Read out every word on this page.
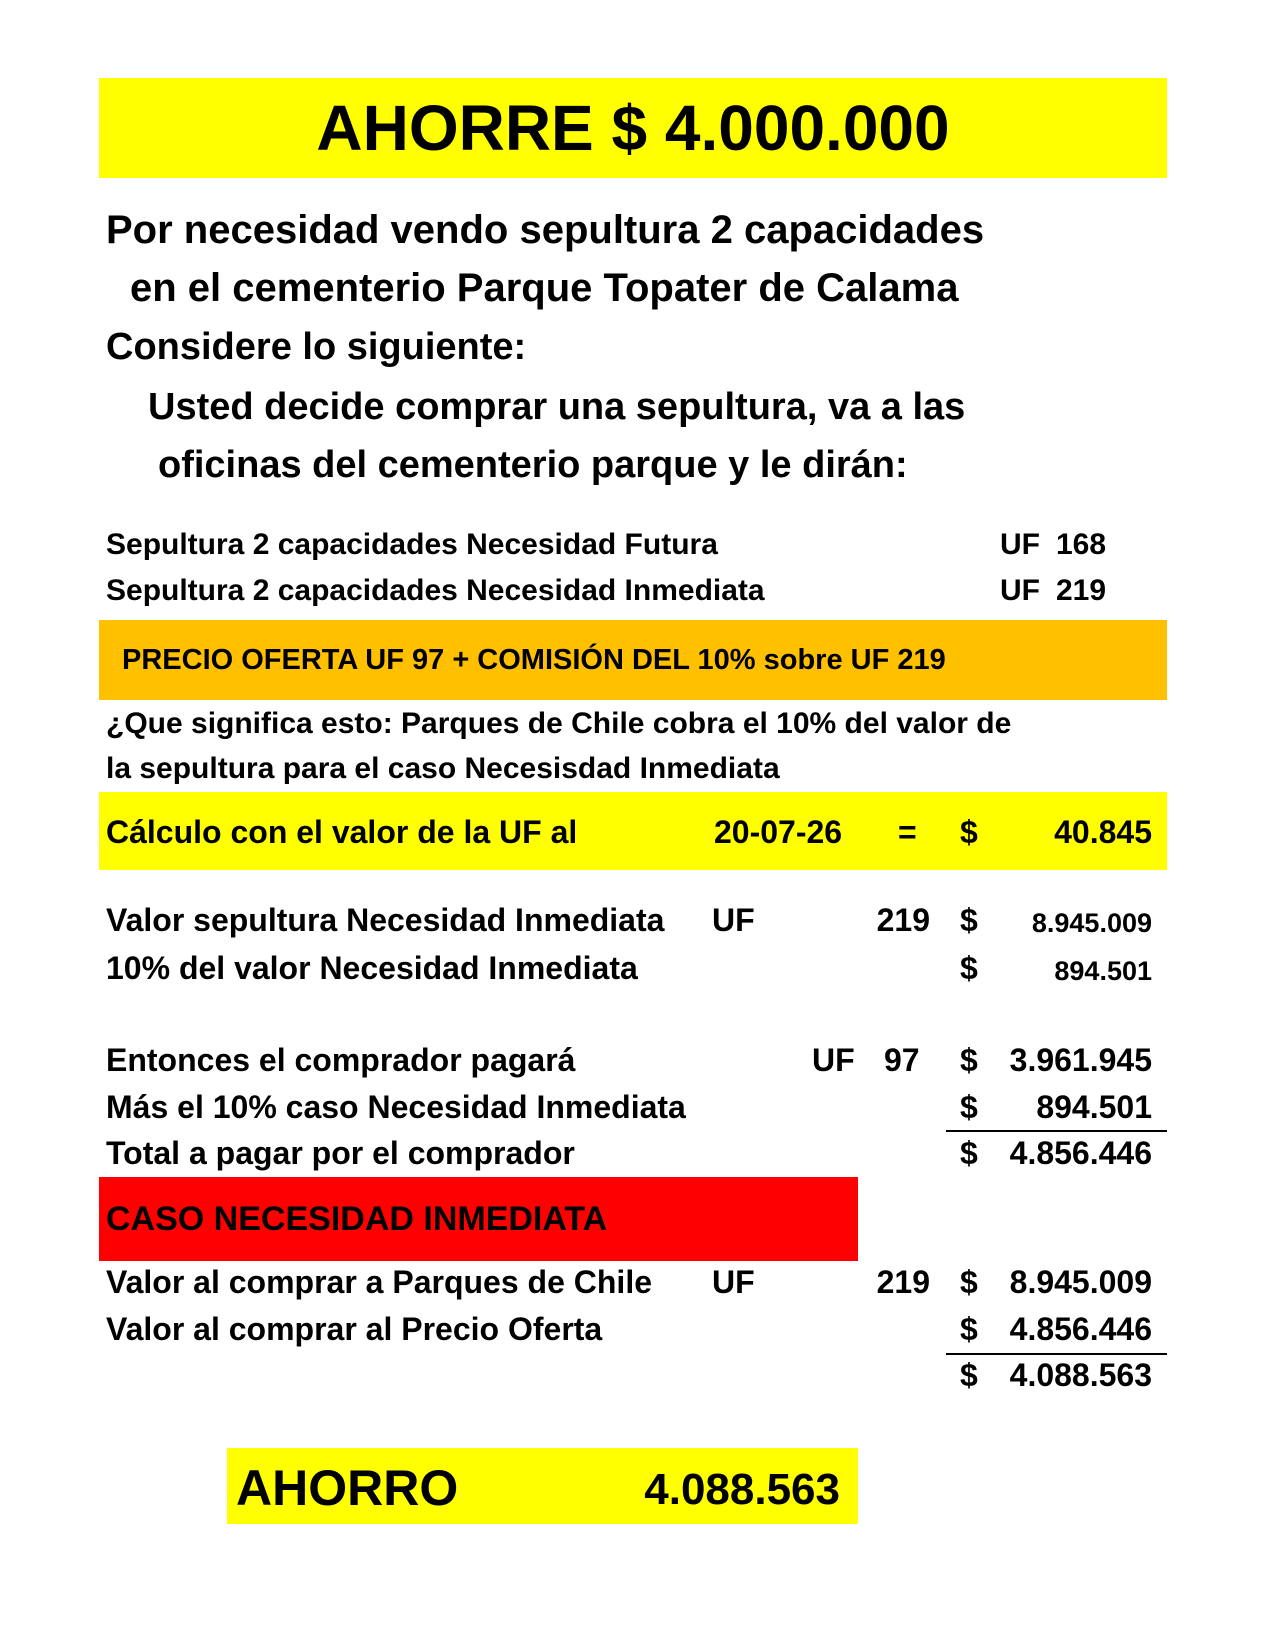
AHORRE $ 4.000.000
Por necesidad vendo sepultura 2 capacidades
en el cementerio Parque Topater de Calama
Considere lo siguiente:
Usted decide comprar una sepultura, va a las
oficinas del cementerio parque y le dirán:
Sepultura 2 capacidades Necesidad Futura	UF 168
Sepultura 2 capacidades Necesidad Inmediata	UF 219
PRECIO OFERTA UF 97 + COMISIÓN DEL 10% sobre UF 219
¿Que significa esto: Parques de Chile cobra el 10% del valor de
la sepultura para el caso Necesisdad Inmediata
Cálculo con el valor de la UF al	20-07-26 = $	40.845
Valor sepultura Necesidad Inmediata UF	219 $	8.945.009
10% del valor Necesidad Inmediata	$	894.501
Entonces el comprador pagará	UF 97 $ 3.961.945
Más el 10% caso Necesidad Inmediata	$	894.501
Total a pagar por el comprador	$ 4.856.446
CASO NECESIDAD INMEDIATA
Valor al comprar a Parques de Chile UF	219 $ 8.945.009
Valor al comprar al Precio Oferta	$ 4.856.446
$ 4.088.563
AHORRO	4.088.563
